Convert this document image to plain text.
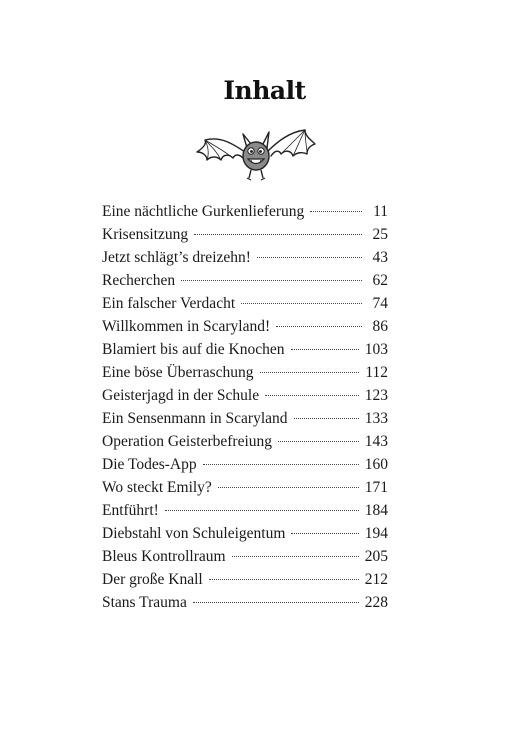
Inhalt
Eine nächtliche Gurkenlieferung	11
Krisensitzung	25
Jetzt schlägt’s dreizehn!	43
Recherchen	62
Ein falscher Verdacht	74
Willkommen in Scaryland!	86
Blamiert bis auf die Knochen	103
Eine böse Überraschung	112
Geisterjagd in der Schule	123
Ein Sensenmann in Scaryland	133
Operation Geisterbefreiung	143
Die Todes-App	160
Wo steckt Emily?	171
Entführt!	184
Diebstahl von Schuleigentum	194
Bleus Kontrollraum	205
Der große Knall	212
Stans Trauma	228
